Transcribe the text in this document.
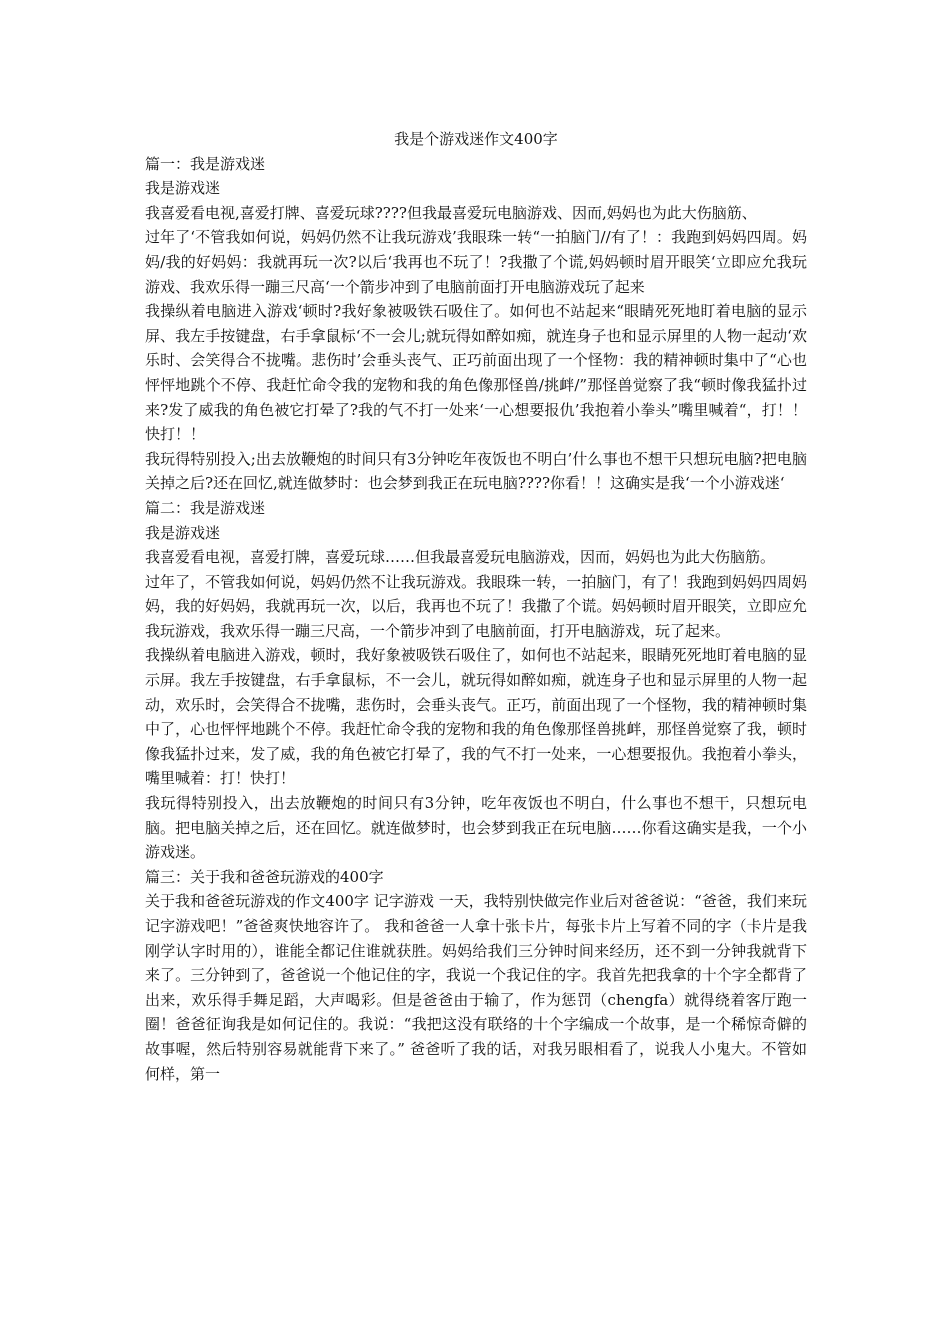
我是个游戏迷作文400字

篇一：我是游戏迷

我是游戏迷

我喜爱看电视,喜爱打牌、喜爱玩球????但我最喜爱玩电脑游戏、因而,妈妈也为此大伤脑筋、

过年了‘不管我如何说，妈妈仍然不让我玩游戏’我眼珠一转“一拍脑门//有了！：我跑到妈妈四周。妈妈/我的好妈妈：我就再玩一次?以后‘我再也不玩了！?我撒了个谎,妈妈顿时眉开眼笑‘立即应允我玩游戏、我欢乐得一蹦三尺高‘一个箭步冲到了电脑前面打开电脑游戏玩了起来

我操纵着电脑进入游戏‘顿时?我好象被吸铁石吸住了。如何也不站起来“眼睛死死地盯着电脑的显示屏、我左手按键盘，右手拿鼠标‘不一会儿;就玩得如醉如痴，就连身子也和显示屏里的人物一起动‘欢乐时、会笑得合不拢嘴。悲伤时’会垂头丧气、正巧前面出现了一个怪物：我的精神顿时集中了“心也怦怦地跳个不停、我赶忙命令我的宠物和我的角色像那怪兽/挑衅/”那怪兽觉察了我“顿时像我猛扑过来?发了威我的角色被它打晕了?我的气不打一处来‘一心想要报仇’我抱着小拳头”嘴里喊着“，打！！快打！！

我玩得特别投入;出去放鞭炮的时间只有3分钟吃年夜饭也不明白’什么事也不想干只想玩电脑?把电脑关掉之后?还在回忆,就连做梦时：也会梦到我正在玩电脑????你看！！这确实是我‘一个小游戏迷‘

篇二：我是游戏迷

我是游戏迷

我喜爱看电视，喜爱打牌，喜爱玩球……但我最喜爱玩电脑游戏，因而，妈妈也为此大伤脑筋。

过年了，不管我如何说，妈妈仍然不让我玩游戏。我眼珠一转，一拍脑门，有了！我跑到妈妈四周妈妈，我的好妈妈，我就再玩一次，以后，我再也不玩了！我撒了个谎。妈妈顿时眉开眼笑，立即应允我玩游戏，我欢乐得一蹦三尺高，一个箭步冲到了电脑前面，打开电脑游戏，玩了起来。

我操纵着电脑进入游戏，顿时，我好象被吸铁石吸住了，如何也不站起来，眼睛死死地盯着电脑的显示屏。我左手按键盘，右手拿鼠标，不一会儿，就玩得如醉如痴，就连身子也和显示屏里的人物一起动，欢乐时，会笑得合不拢嘴，悲伤时，会垂头丧气。正巧，前面出现了一个怪物，我的精神顿时集中了，心也怦怦地跳个不停。我赶忙命令我的宠物和我的角色像那怪兽挑衅，那怪兽觉察了我，顿时像我猛扑过来，发了威，我的角色被它打晕了，我的气不打一处来，一心想要报仇。我抱着小拳头，嘴里喊着：打！快打！

我玩得特别投入，出去放鞭炮的时间只有3分钟，吃年夜饭也不明白，什么事也不想干，只想玩电脑。把电脑关掉之后，还在回忆。就连做梦时，也会梦到我正在玩电脑……你看这确实是我，一个小游戏迷。

篇三：关于我和爸爸玩游戏的400字

关于我和爸爸玩游戏的作文400字 记字游戏 一天，我特别快做完作业后对爸爸说：“爸爸，我们来玩记字游戏吧！”爸爸爽快地容许了。 我和爸爸一人拿十张卡片，每张卡片上写着不同的字（卡片是我刚学认字时用的），谁能全都记住谁就获胜。妈妈给我们三分钟时间来经历，还不到一分钟我就背下来了。三分钟到了，爸爸说一个他记住的字，我说一个我记住的字。我首先把我拿的十个字全都背了出来，欢乐得手舞足蹈，大声喝彩。但是爸爸由于输了，作为惩罚（chengfa）就得绕着客厅跑一圈！爸爸征询我是如何记住的。我说：“我把这没有联络的十个字编成一个故事，是一个稀惊奇僻的故事喔，然后特别容易就能背下来了。” 爸爸听了我的话，对我另眼相看了，说我人小鬼大。不管如何样，第一
